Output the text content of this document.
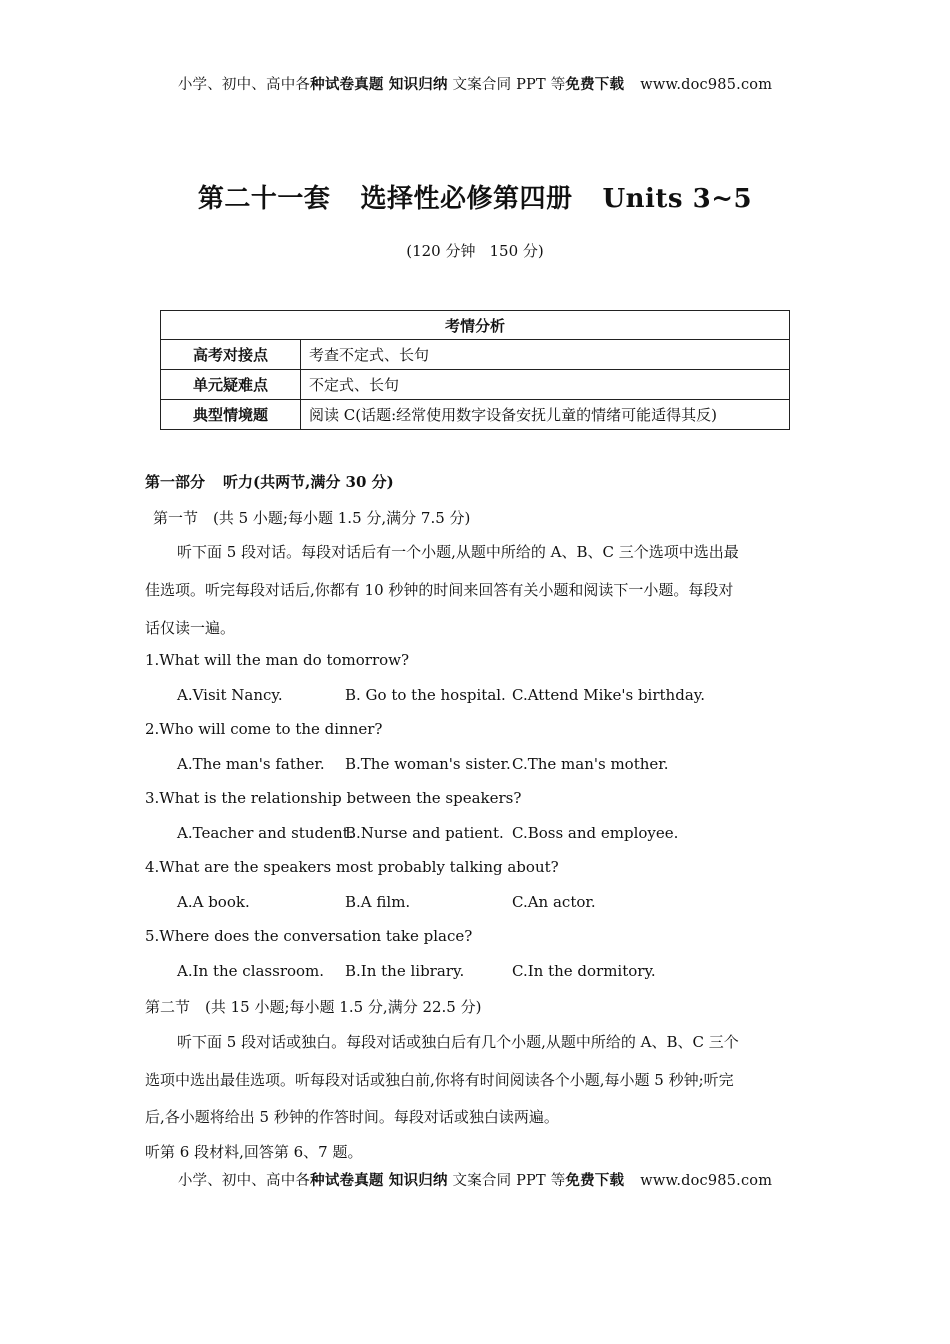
小学、初中、高中各种试卷真题 知识归纳 文案合同 PPT 等免费下载 www.doc985.com
第二十一套 选择性必修第四册 Units 3~5
(120 分钟 150 分)
考情分析	
高考对接点	考查不定式、长句
单元疑难点	不定式、长句
典型情境题	阅读 C(话题:经常使用数字设备安抚儿童的情绪可能适得其反)
第一部分 听力(共两节,满分 30 分)
第一节　(共 5 小题;每小题 1.5 分,满分 7.5 分)
听下面 5 段对话。每段对话后有一个小题,从题中所给的 A、B、C 三个选项中选出最
佳选项。听完每段对话后,你都有 10 秒钟的时间来回答有关小题和阅读下一小题。每段对
话仅读一遍。
1.What will the man do tomorrow?
A.Visit Nancy.	B. Go to the hospital. C.Attend Mike's birthday.
2.Who will come to the dinner?
A.The man's father. B.The woman's sister. C.The man's mother.
3.What is the relationship between the speakers?
A.Teacher and student.
B.Nurse and patient. C.Boss and employee.
4.What are the speakers most probably talking about?
A.A book.	B.A film.	C.An actor.
5.Where does the conversation take place?
A.In the classroom. B.In the library.	C.In the dormitory.
第二节　(共 15 小题;每小题 1.5 分,满分 22.5 分)
听下面 5 段对话或独白。每段对话或独白后有几个小题,从题中所给的 A、B、C 三个
选项中选出最佳选项。听每段对话或独白前,你将有时间阅读各个小题,每小题 5 秒钟;听完
后,各小题将给出 5 秒钟的作答时间。每段对话或独白读两遍。
听第 6 段材料,回答第 6、7 题。
小学、初中、高中各种试卷真题 知识归纳 文案合同 PPT 等免费下载 www.doc985.com
